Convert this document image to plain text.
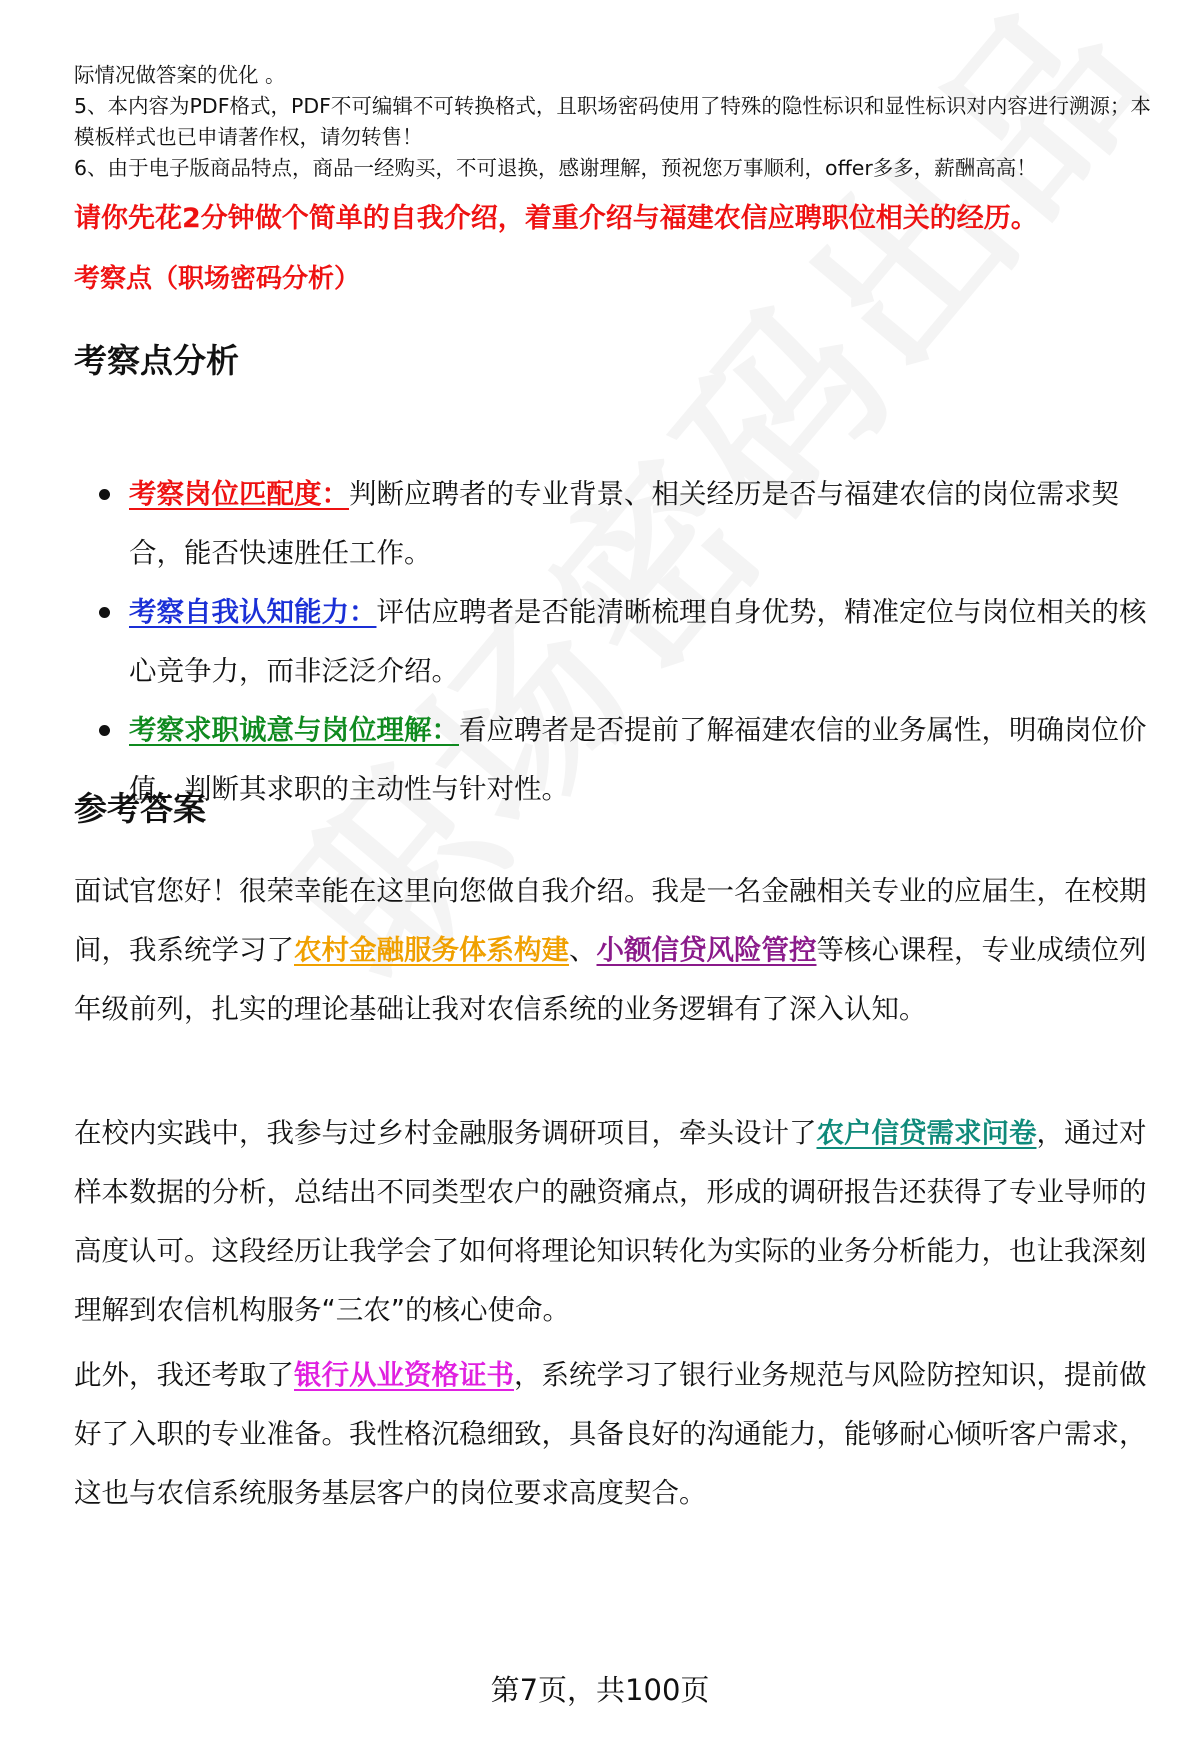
际情况做答案的优化 。

5、本内容为PDF格式，PDF不可编辑不可转换格式，且职场密码使用了特殊的隐性标识和显性标识对内容进行溯源；本模板样式也已申请著作权，请勿转售！

6、由于电子版商品特点，商品一经购买，不可退换，感谢理解，预祝您万事顺利，offer多多，薪酬高高！

请你先花2分钟做个简单的自我介绍，着重介绍与福建农信应聘职位相关的经历。
考察点（职场密码分析）
考察点分析
考察岗位匹配度：判断应聘者的专业背景、相关经历是否与福建农信的岗位需求契合，能否快速胜任工作。
考察自我认知能力：评估应聘者是否能清晰梳理自身优势，精准定位与岗位相关的核心竞争力，而非泛泛介绍。
考察求职诚意与岗位理解：看应聘者是否提前了解福建农信的业务属性，明确岗位价值，判断其求职的主动性与针对性。
参考答案

面试官您好！很荣幸能在这里向您做自我介绍。我是一名金融相关专业的应届生，在校期间，我系统学习了农村金融服务体系构建、小额信贷风险管控等核心课程，专业成绩位列年级前列，扎实的理论基础让我对农信系统的业务逻辑有了深入认知。

在校内实践中，我参与过乡村金融服务调研项目，牵头设计了农户信贷需求问卷，通过对样本数据的分析，总结出不同类型农户的融资痛点，形成的调研报告还获得了专业导师的高度认可。这段经历让我学会了如何将理论知识转化为实际的业务分析能力，也让我深刻理解到农信机构服务“三农”的核心使命。

此外，我还考取了银行从业资格证书，系统学习了银行业务规范与风险防控知识，提前做好了入职的专业准备。我性格沉稳细致，具备良好的沟通能力，能够耐心倾听客户需求，这也与农信系统服务基层客户的岗位要求高度契合。

第7页，共100页
